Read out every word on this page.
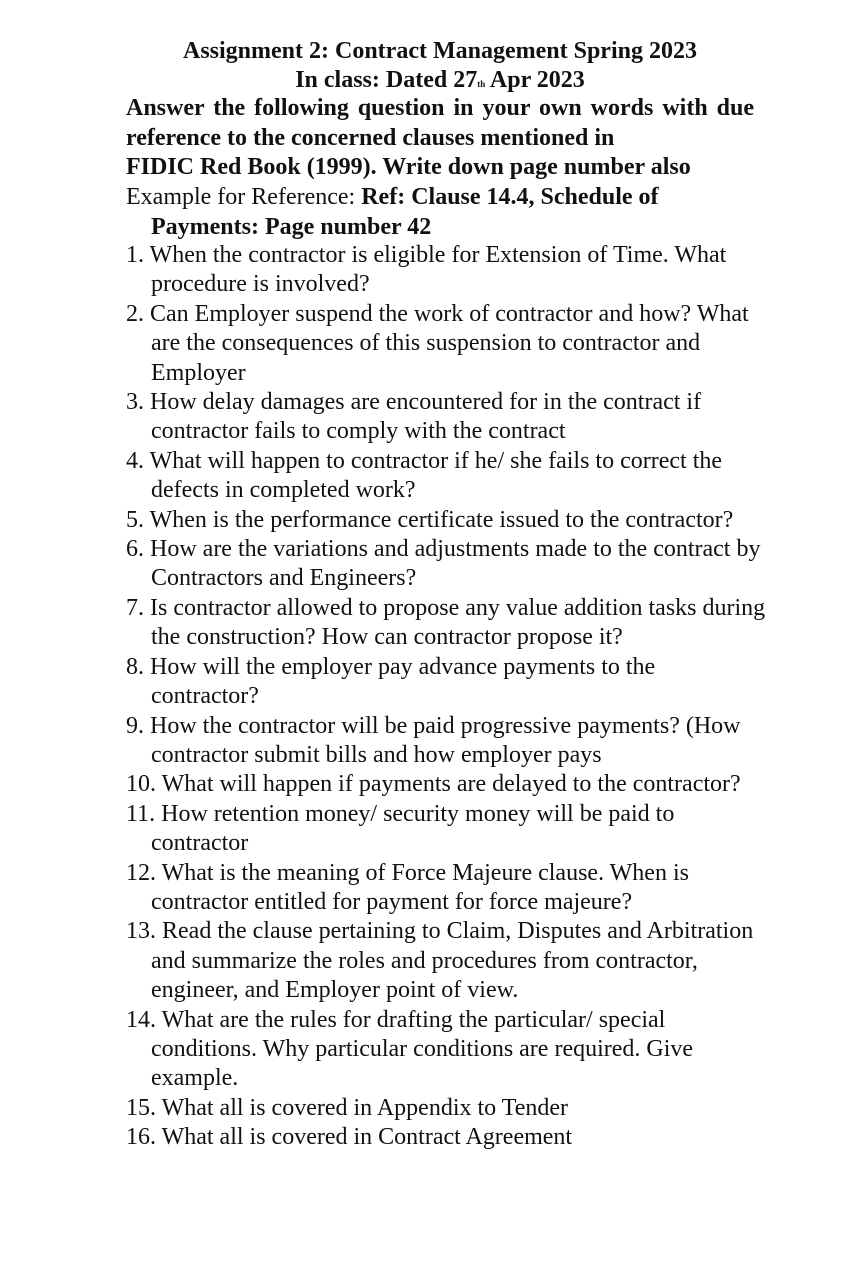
Assignment 2: Contract Management Spring 2023
In class: Dated 27th Apr 2023
Answer the following question in your own words with due reference to the concerned clauses mentioned in
FIDIC Red Book (1999). Write down page number also
Example for Reference: Ref: Clause 14.4, Schedule of
Payments: Page number 42
1. When the contractor is eligible for Extension of Time. What procedure is involved?
2. Can Employer suspend the work of contractor and how? What are the consequences of this suspension to contractor and Employer
3. How delay damages are encountered for in the contract if contractor fails to comply with the contract
4. What will happen to contractor if he/ she fails to correct the defects in completed work?
5. When is the performance certificate issued to the contractor?
6. How are the variations and adjustments made to the contract by Contractors and Engineers?
7. Is contractor allowed to propose any value addition tasks during the construction? How can contractor propose it?
8. How will the employer pay advance payments to the contractor?
9. How the contractor will be paid progressive payments? (How contractor submit bills and how employer pays
10. What will happen if payments are delayed to the contractor?
11. How retention money/ security money will be paid to contractor
12. What is the meaning of Force Majeure clause. When is contractor entitled for payment for force majeure?
13. Read the clause pertaining to Claim, Disputes and Arbitration and summarize the roles and procedures from contractor, engineer, and Employer point of view.
14. What are the rules for drafting the particular/ special conditions. Why particular conditions are required. Give example.
15. What all is covered in Appendix to Tender
16. What all is covered in Contract Agreement
